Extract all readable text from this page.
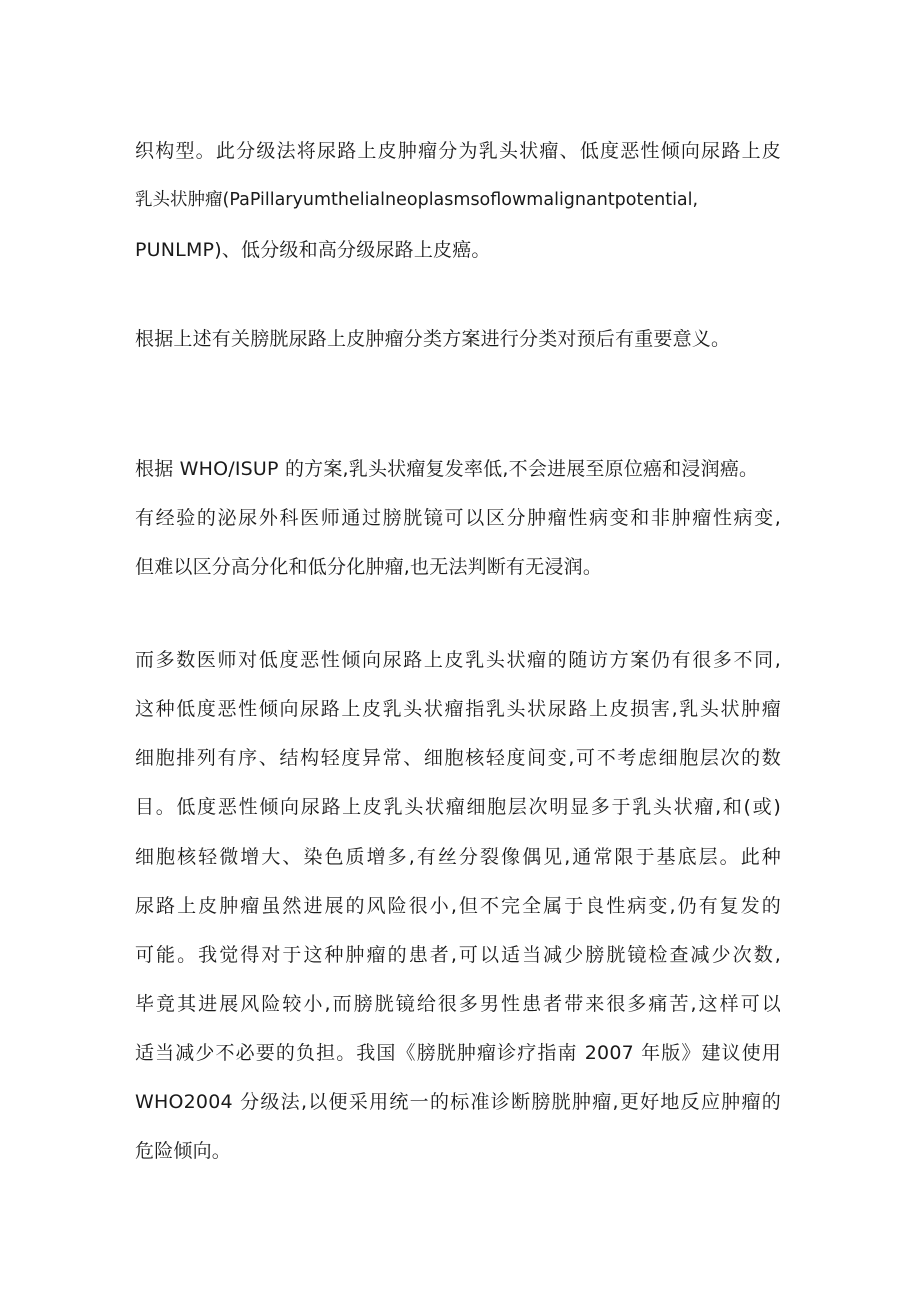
织构型。此分级法将尿路上皮肿瘤分为乳头状瘤、低度恶性倾向尿路上皮
乳头状肿瘤(PaPillaryumthelialneoplasmsoflowmalignantpotential,
PUNLMP)、低分级和高分级尿路上皮癌。
根据上述有关膀胱尿路上皮肿瘤分类方案进行分类对预后有重要意义。
根据 WHO/ISUP 的方案,乳头状瘤复发率低,不会进展至原位癌和浸润癌。
有经验的泌尿外科医师通过膀胱镜可以区分肿瘤性病变和非肿瘤性病变,
但难以区分高分化和低分化肿瘤,也无法判断有无浸润。
而多数医师对低度恶性倾向尿路上皮乳头状瘤的随访方案仍有很多不同,
这种低度恶性倾向尿路上皮乳头状瘤指乳头状尿路上皮损害,乳头状肿瘤
细胞排列有序、结构轻度异常、细胞核轻度间变,可不考虑细胞层次的数
目。低度恶性倾向尿路上皮乳头状瘤细胞层次明显多于乳头状瘤,和(或)
细胞核轻微增大、染色质增多,有丝分裂像偶见,通常限于基底层。此种
尿路上皮肿瘤虽然进展的风险很小,但不完全属于良性病变,仍有复发的
可能。我觉得对于这种肿瘤的患者,可以适当减少膀胱镜检查减少次数,
毕竟其进展风险较小,而膀胱镜给很多男性患者带来很多痛苦,这样可以
适当减少不必要的负担。我国《膀胱肿瘤诊疗指南 2007 年版》建议使用
WHO2004 分级法,以便采用统一的标准诊断膀胱肿瘤,更好地反应肿瘤的
危险倾向。
